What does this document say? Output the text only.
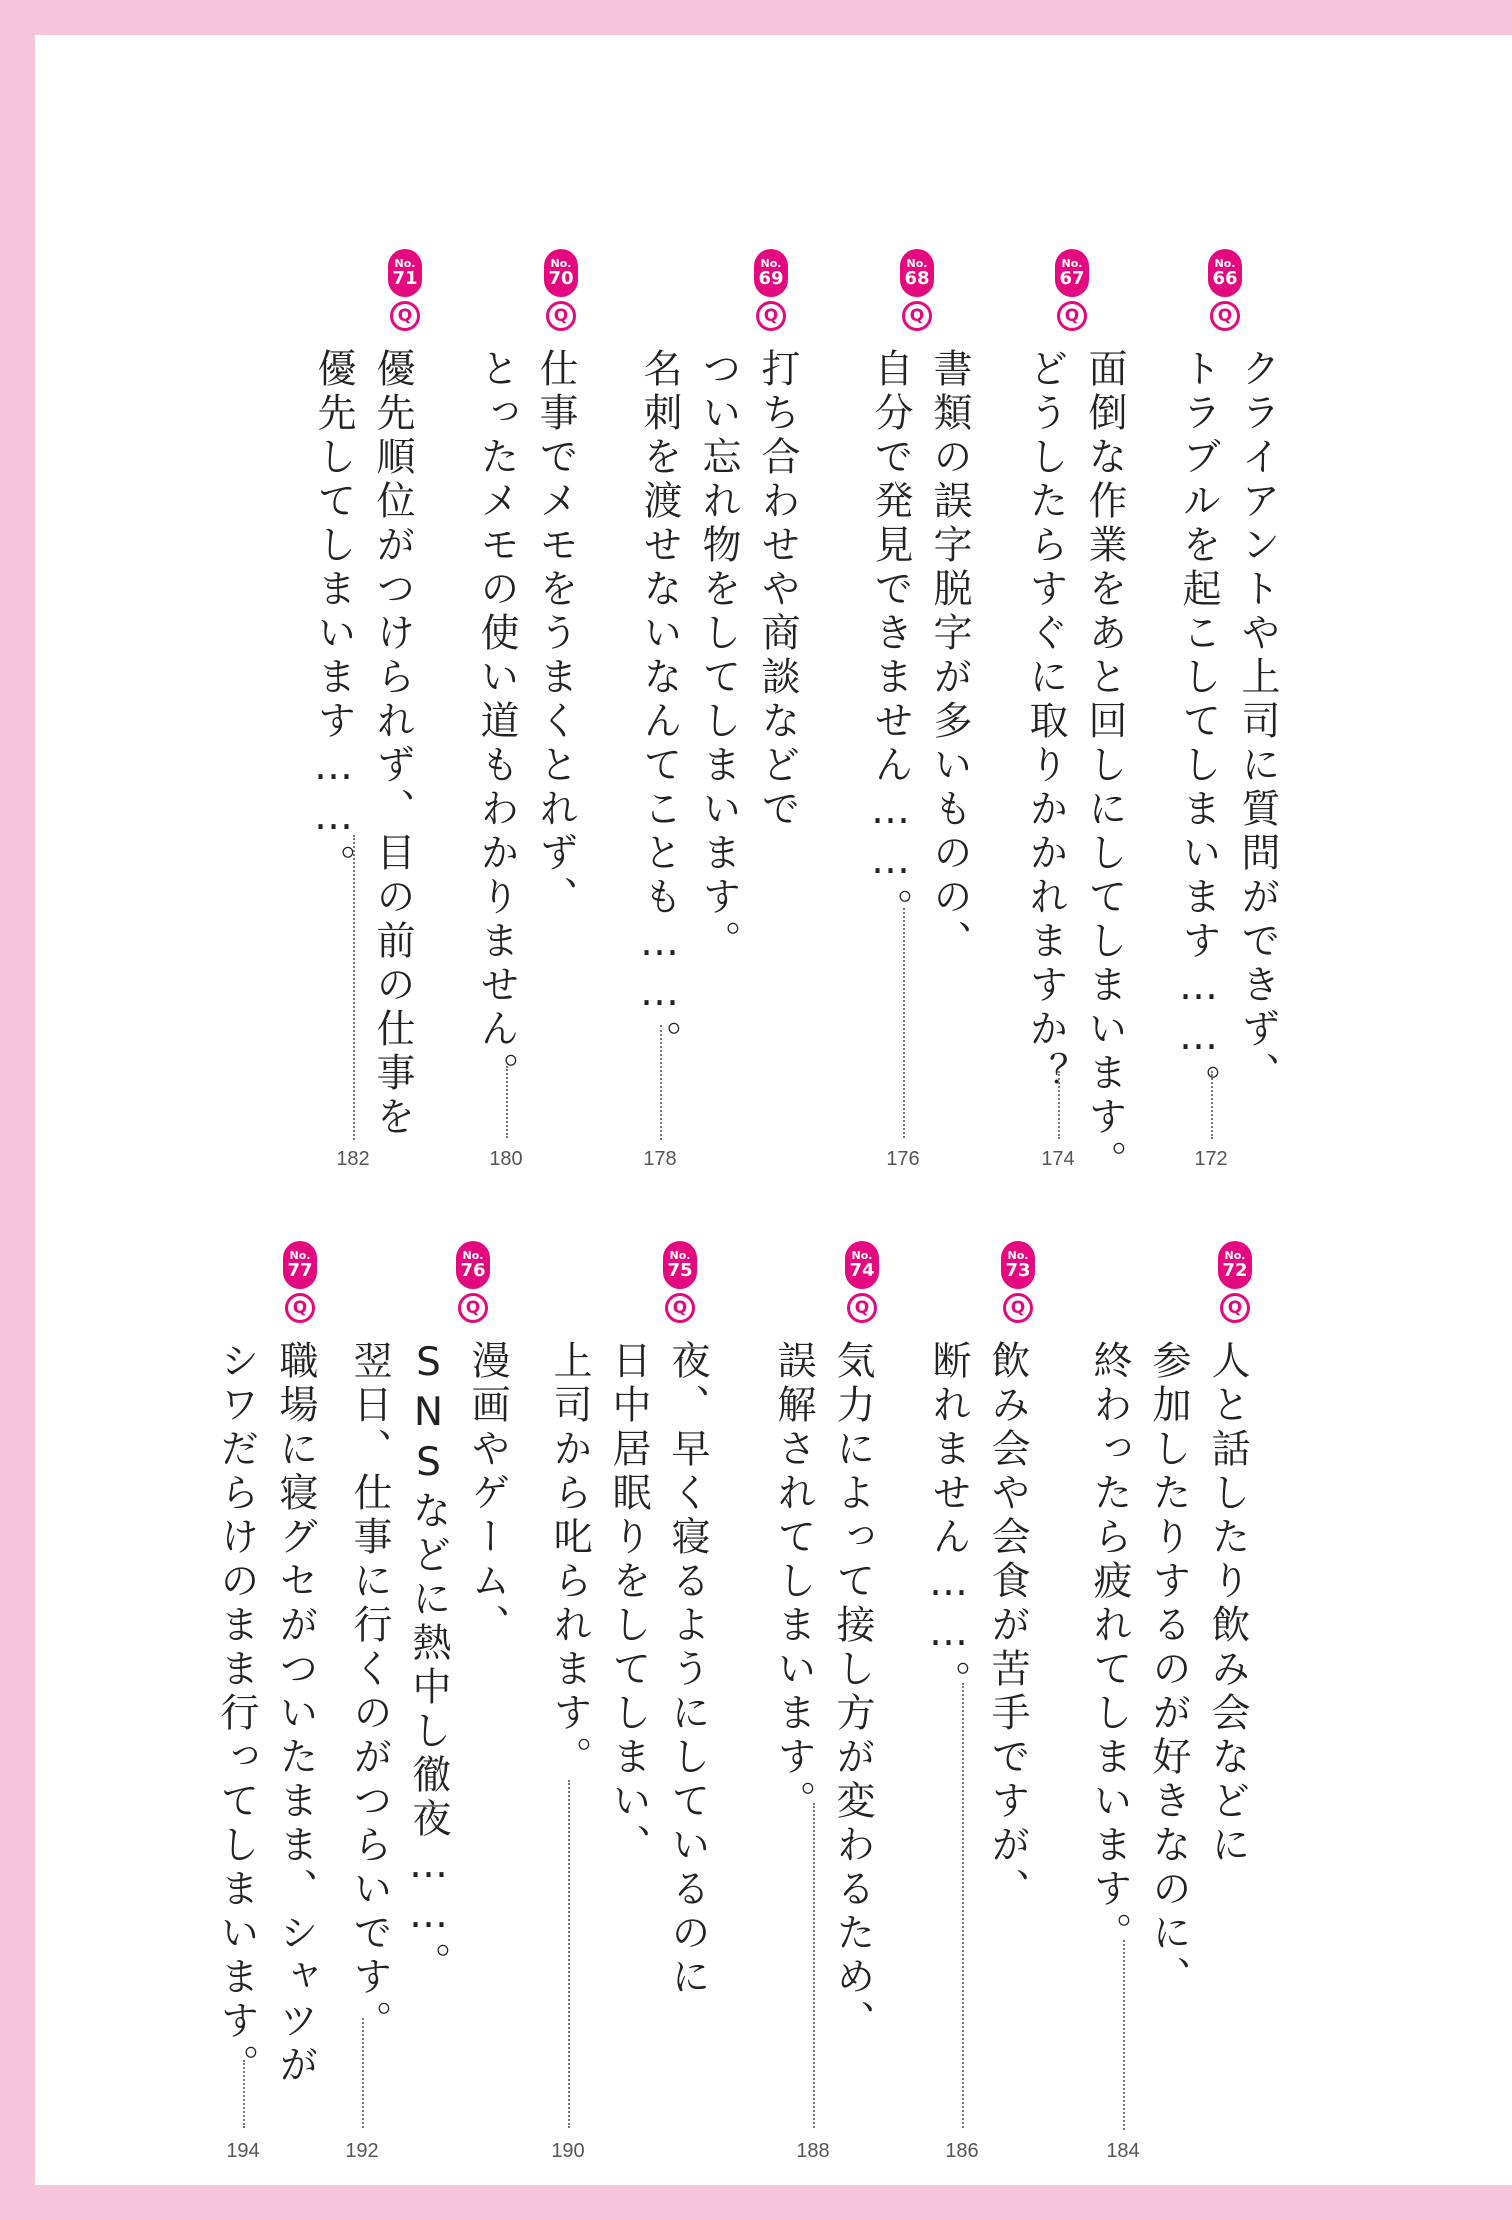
No.
66
Q
クライアントや上司に質問ができず、
トラブルを起こしてしまいます……。
172
No.
67
Q
面倒な作業をあと回しにしてしまいます。
どうしたらすぐに取りかかれますか？
174
No.
68
Q
書類の誤字脱字が多いものの、
自分で発見できません……。
176
No.
69
Q
打ち合わせや商談などで
つい忘れ物をしてしまいます。
名刺を渡せないなんてことも……。
178
No.
70
Q
仕事でメモをうまくとれず、
とったメモの使い道もわかりません。
180
No.
71
Q
優先順位がつけられず、目の前の仕事を
優先してしまいます……。
182
No.
72
Q
人と話したり飲み会などに
参加したりするのが好きなのに、
終わったら疲れてしまいます。
184
No.
73
Q
飲み会や会食が苦手ですが、
断れません……。
186
No.
74
Q
気力によって接し方が変わるため、
誤解されてしまいます。
188
No.
75
Q
夜、早く寝るようにしているのに
日中居眠りをしてしまい、
上司から叱られます。
190
No.
76
Q
漫画やゲーム、
SNSなどに熱中し徹夜……。
翌日、仕事に行くのがつらいです。
192
No.
77
Q
職場に寝グセがついたまま、シャツが
シワだらけのまま行ってしまいます。
194
